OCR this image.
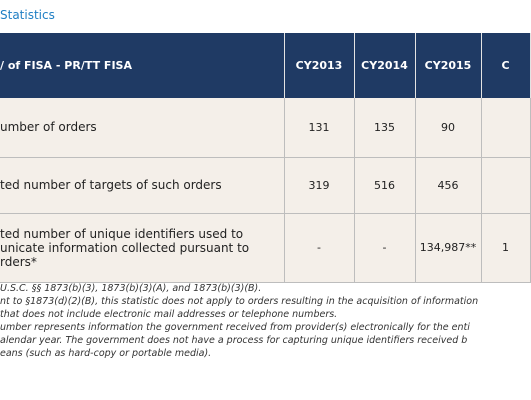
Statistics
/ of FISA - PR/TT FISA	CY2013	CY2014	CY2015	C

umber of orders	131	135	90	

ted number of targets of such orders	319	516	456	

ted number of unique identifiers used to
unicate information collected pursuant to
rders*	-	-	134,987**	1
U.S.C. §§ 1873(b)(3), 1873(b)(3)(A), and 1873(b)(3)(B).
nt to §1873(d)(2)(B), this statistic does not apply to orders resulting in the acquisition of information
that does not include electronic mail addresses or telephone numbers.
umber represents information the government received from provider(s) electronically for the enti
alendar year. The government does not have a process for capturing unique identifiers received b
eans (such as hard-copy or portable media).
